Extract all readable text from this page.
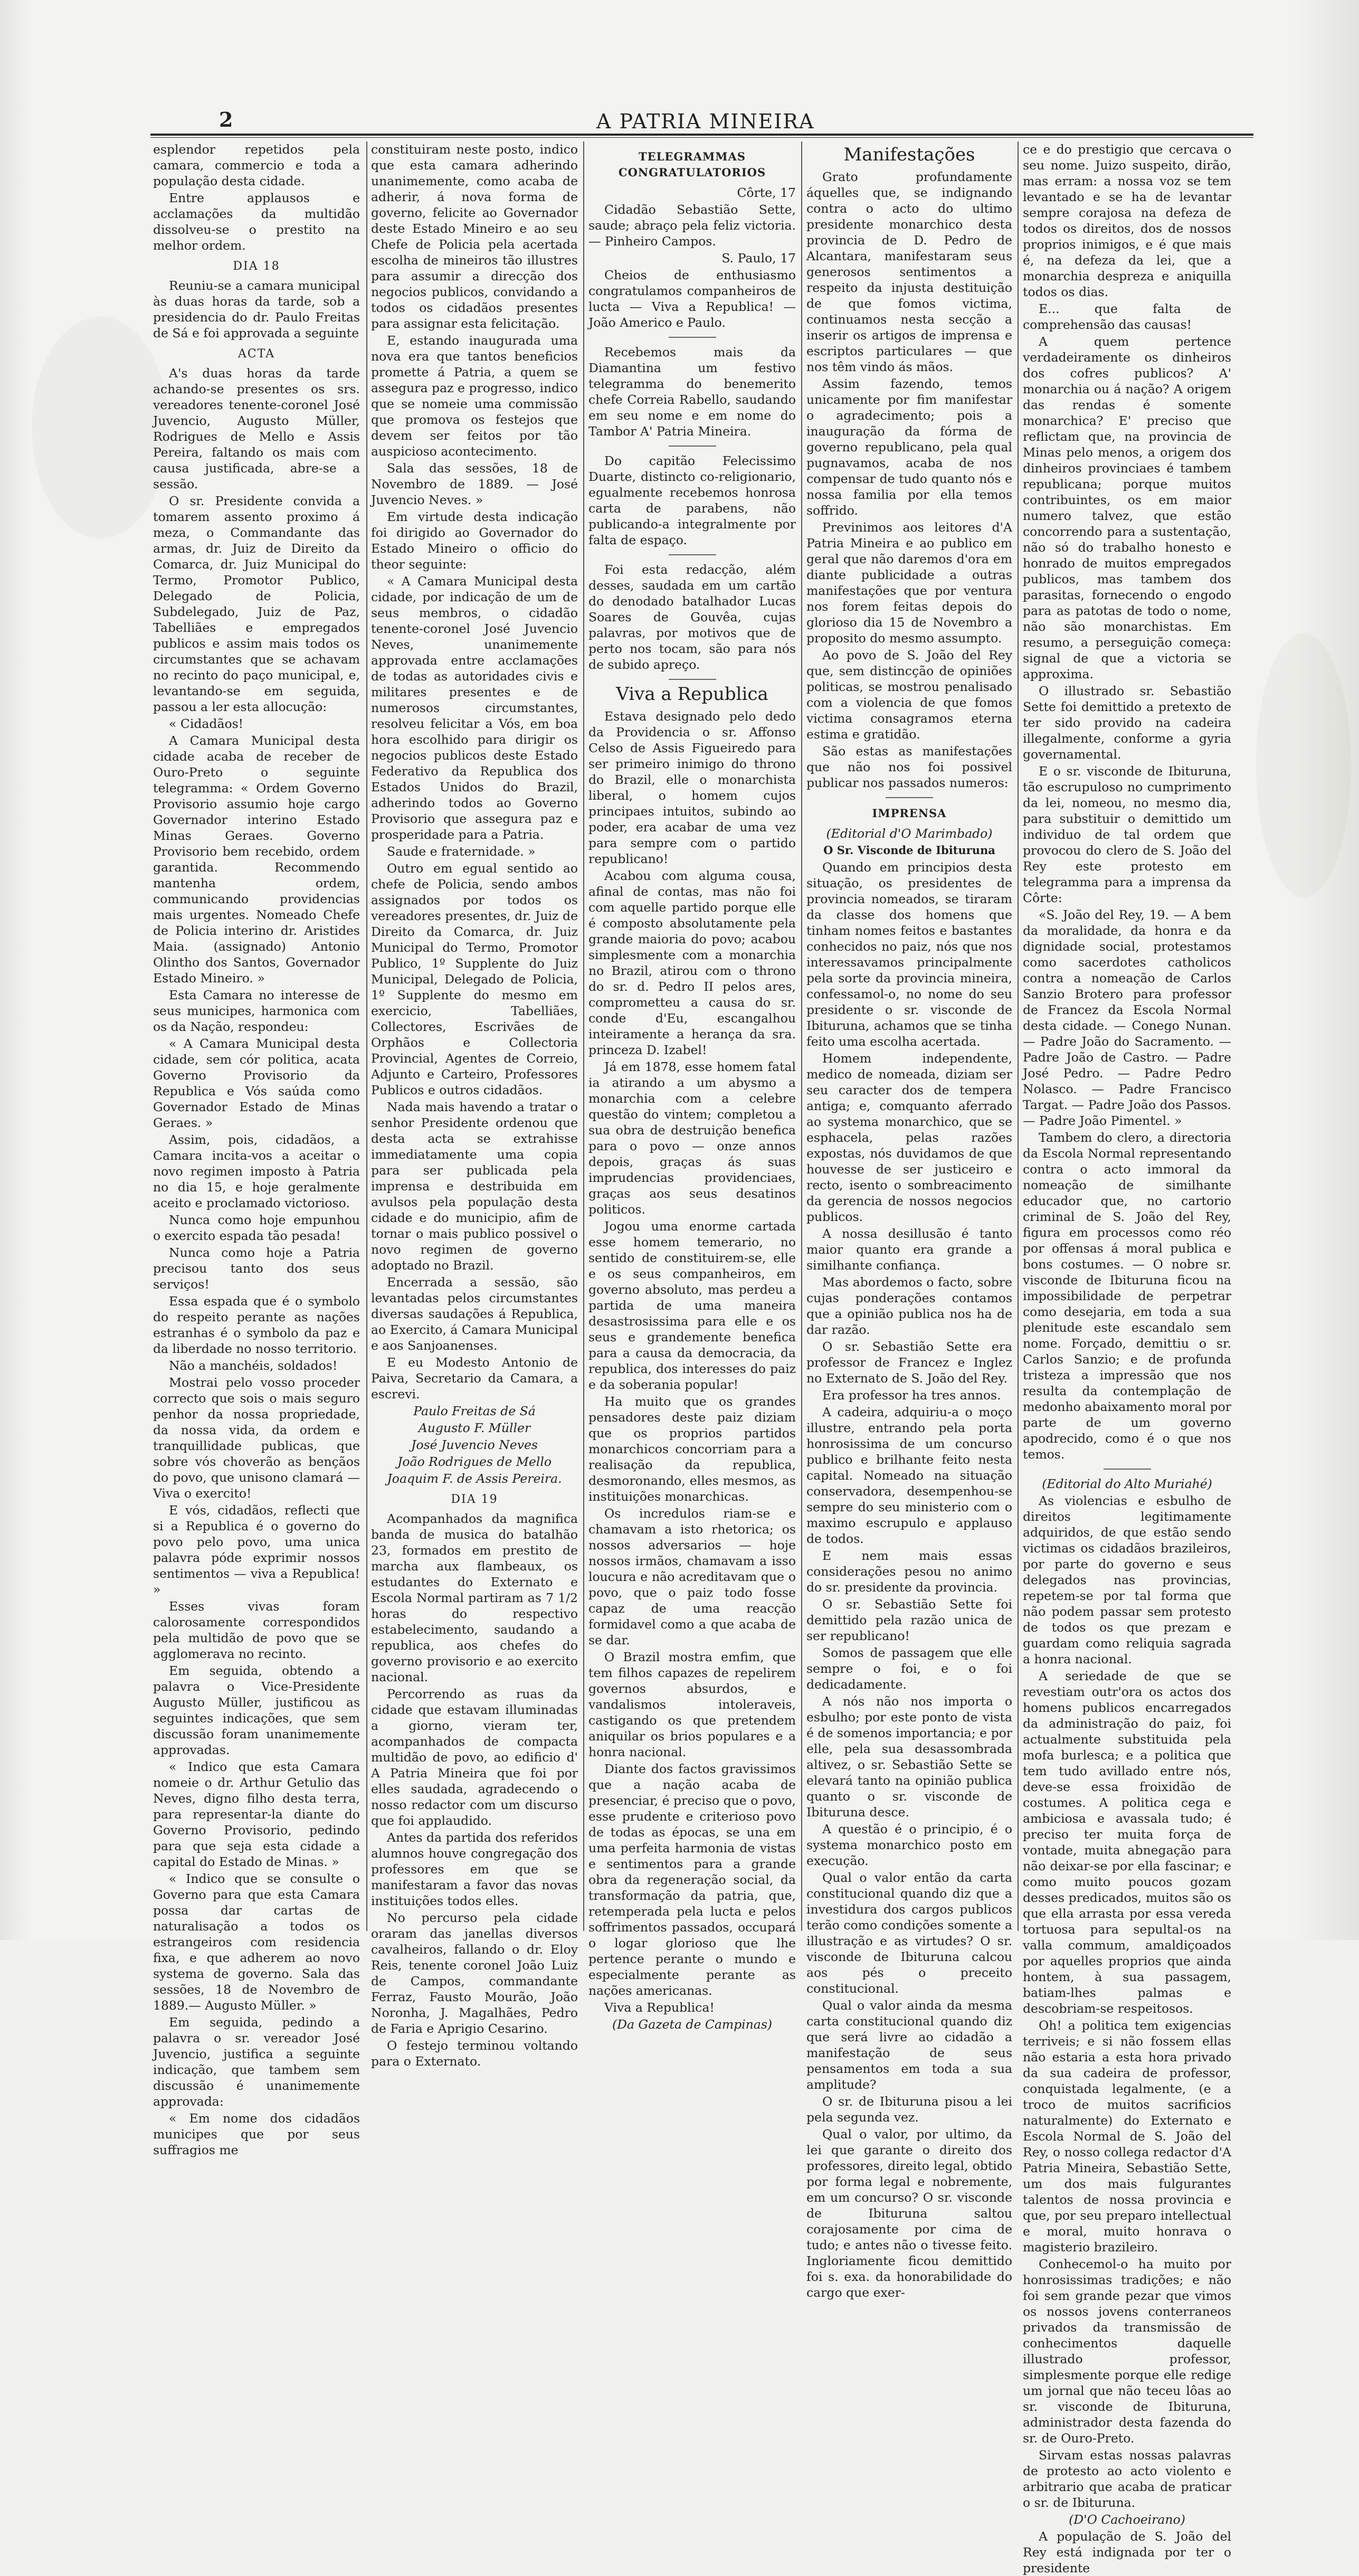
2	A PATRIA MINEIRA

esplendor repetidos pela camara, commercio e toda a população desta cidade.

Entre applausos e acclamações da multidão dissolveu-se o prestito na melhor ordem.

DIA 18

Reuniu-se a camara municipal às duas horas da tarde, sob a presidencia do dr. Paulo Freitas de Sá e foi approvada a seguinte

ACTA

A's duas horas da tarde achando-se presentes os srs. vereadores tenente-coronel José Juvencio, Augusto Müller, Rodrigues de Mello e Assis Pereira, faltando os mais com causa justificada, abre-se a sessão.

O sr. Presidente convida a tomarem assento proximo á meza, o Commandante das armas, dr. Juiz de Direito da Comarca, dr. Juiz Municipal do Termo, Promotor Publico, Delegado de Policia, Subdelegado, Juiz de Paz, Tabelliães e empregados publicos e assim mais todos os circumstantes que se achavam no recinto do paço municipal, e, levantando-se em seguida, passou a ler esta allocução:

« Cidadãos!

A Camara Municipal desta cidade acaba de receber de Ouro-Preto o seguinte telegramma: « Ordem Governo Provisorio assumio hoje cargo Governador interino Estado Minas Geraes. Governo Provisorio bem recebido, ordem garantida. Recommendo mantenha ordem, communicando providencias mais urgentes. Nomeado Chefe de Policia interino dr. Aristides Maia. (assignado) Antonio Olintho dos Santos, Governador Estado Mineiro. »

Esta Camara no interesse de seus municipes, harmonica com os da Nação, respondeu:

« A Camara Municipal desta cidade, sem cór politica, acata Governo Provisorio da Republica e Vós saúda como Governador Estado de Minas Geraes. »

Assim, pois, cidadãos, a Camara incita-vos a aceitar o novo regimen imposto à Patria no dia 15, e hoje geralmente aceito e proclamado victorioso.

Nunca como hoje empunhou o exercito espada tão pesada!

Nunca como hoje a Patria precisou tanto dos seus serviços!

Essa espada que é o symbolo do respeito perante as nações estranhas é o symbolo da paz e da liberdade no nosso territorio.

Não a manchéis, soldados!

Mostrai pelo vosso proceder correcto que sois o mais seguro penhor da nossa propriedade, da nossa vida, da ordem e tranquillidade publicas, que sobre vós choverão as bençãos do povo, que unisono clamará — Viva o exercito!

E vós, cidadãos, reflecti que si a Republica é o governo do povo pelo povo, uma unica palavra póde exprimir nossos sentimentos — viva a Republica! »

Esses vivas foram calorosamente correspondidos pela multidão de povo que se agglomerava no recinto.

Em seguida, obtendo a palavra o Vice-Presidente Augusto Müller, justificou as seguintes indicações, que sem discussão foram unanimemente approvadas.

« Indico que esta Camara nomeie o dr. Arthur Getulio das Neves, digno filho desta terra, para representar-la diante do Governo Provisorio, pedindo para que seja esta cidade a capital do Estado de Minas. »

« Indico que se consulte o Governo para que esta Camara possa dar cartas de naturalisação a todos os estrangeiros com residencia fixa, e que adherem ao novo systema de governo. Sala das sessões, 18 de Novembro de 1889.— Augusto Müller. »

Em seguida, pedindo a palavra o sr. vereador José Juvencio, justifica a seguinte indicação, que tambem sem discussão é unanimemente approvada:

« Em nome dos cidadãos municipes que por seus suffragios me

constituiram neste posto, indico que esta camara adherindo unanimemente, como acaba de adherir, á nova forma de governo, felicite ao Governador deste Estado Mineiro e ao seu Chefe de Policia pela acertada escolha de mineiros tão illustres para assumir a direcção dos negocios publicos, convidando a todos os cidadãos presentes para assignar esta felicitação.

E, estando inaugurada uma nova era que tantos beneficios promette á Patria, a quem se assegura paz e progresso, indico que se nomeie uma commissão que promova os festejos que devem ser feitos por tão auspicioso acontecimento.

Sala das sessões, 18 de Novembro de 1889. — José Juvencio Neves. »

Em virtude desta indicação foi dirigido ao Governador do Estado Mineiro o officio do theor seguinte:

« A Camara Municipal desta cidade, por indicação de um de seus membros, o cidadão tenente-coronel José Juvencio Neves, unanimemente approvada entre acclamações de todas as autoridades civis e militares presentes e de numerosos circumstantes, resolveu felicitar a Vós, em boa hora escolhido para dirigir os negocios publicos deste Estado Federativo da Republica dos Estados Unidos do Brazil, adherindo todos ao Governo Provisorio que assegura paz e prosperidade para a Patria.

Saude e fraternidade. »

Outro em egual sentido ao chefe de Policia, sendo ambos assignados por todos os vereadores presentes, dr. Juiz de Direito da Comarca, dr. Juiz Municipal do Termo, Promotor Publico, 1º Supplente do Juiz Municipal, Delegado de Policia, 1º Supplente do mesmo em exercicio, Tabelliães, Collectores, Escrivães de Orphãos e Collectoria Provincial, Agentes de Correio, Adjunto e Carteiro, Professores Publicos e outros cidadãos.

Nada mais havendo a tratar o senhor Presidente ordenou que desta acta se extrahisse immediatamente uma copia para ser publicada pela imprensa e destribuida em avulsos pela população desta cidade e do municipio, afim de tornar o mais publico possivel o novo regimen de governo adoptado no Brazil.

Encerrada a sessão, são levantadas pelos circumstantes diversas saudações á Republica, ao Exercito, á Camara Municipal e aos Sanjoanenses.

E eu Modesto Antonio de Paiva, Secretario da Camara, a escrevi.

Paulo Freitas de Sá

Augusto F. Müller

José Juvencio Neves

João Rodrigues de Mello

Joaquim F. de Assis Pereira.

DIA 19

Acompanhados da magnifica banda de musica do batalhão 23, formados em prestito de marcha aux flambeaux, os estudantes do Externato e Escola Normal partiram as 7 1/2 horas do respectivo estabelecimento, saudando a republica, aos chefes do governo provisorio e ao exercito nacional.

Percorrendo as ruas da cidade que estavam illuminadas a giorno, vieram ter, acompanhados de compacta multidão de povo, ao edificio d' A Patria Mineira que foi por elles saudada, agradecendo o nosso redactor com um discurso que foi applaudido.

Antes da partida dos referidos alumnos houve congregação dos professores em que se manifestaram a favor das novas instituições todos elles.

No percurso pela cidade oraram das janellas diversos cavalheiros, fallando o dr. Eloy Reis, tenente coronel João Luiz de Campos, commandante Ferraz, Fausto Mourão, João Noronha, J. Magalhães, Pedro de Faria e Aprigio Cesarino.

O festejo terminou voltando para o Externato.

TELEGRAMMAS CONGRATULATORIOS

Côrte, 17

Cidadão Sebastião Sette, saude; abraço pela feliz victoria.— Pinheiro Campos.

S. Paulo, 17

Cheios de enthusiasmo congratulamos companheiros de lucta — Viva a Republica! — João Americo e Paulo.

Recebemos mais da Diamantina um festivo telegramma do benemerito chefe Correia Rabello, saudando em seu nome e em nome do Tambor A' Patria Mineira.

Do capitão Felecissimo Duarte, distincto co-religionario, egualmente recebemos honrosa carta de parabens, não publicando-a integralmente por falta de espaço.

Foi esta redacção, além desses, saudada em um cartão do denodado batalhador Lucas Soares de Gouvêa, cujas palavras, por motivos que de perto nos tocam, são para nós de subido apreço.

Viva a Republica

Estava designado pelo dedo da Providencia o sr. Affonso Celso de Assis Figueiredo para ser primeiro inimigo do throno do Brazil, elle o monarchista liberal, o homem cujos principaes intuitos, subindo ao poder, era acabar de uma vez para sempre com o partido republicano!

Acabou com alguma cousa, afinal de contas, mas não foi com aquelle partido porque elle é composto absolutamente pela grande maioria do povo; acabou simplesmente com a monarchia no Brazil, atirou com o throno do sr. d. Pedro II pelos ares, comprometteu a causa do sr. conde d'Eu, escangalhou inteiramente a herança da sra. princeza D. Izabel!

Já em 1878, esse homem fatal ia atirando a um abysmo a monarchia com a celebre questão do vintem; completou a sua obra de destruição benefica para o povo — onze annos depois, graças ás suas imprudencias providenciaes, graças aos seus desatinos politicos.

Jogou uma enorme cartada esse homem temerario, no sentido de constituirem-se, elle e os seus companheiros, em governo absoluto, mas perdeu a partida de uma maneira desastrosissima para elle e os seus e grandemente benefica para a causa da democracia, da republica, dos interesses do paiz e da soberania popular!

Ha muito que os grandes pensadores deste paiz diziam que os proprios partidos monarchicos concorriam para a realisação da republica, desmoronando, elles mesmos, as instituições monarchicas.

Os incredulos riam-se e chamavam a isto rhetorica; os nossos adversarios — hoje nossos irmãos, chamavam a isso loucura e não acreditavam que o povo, que o paiz todo fosse capaz de uma reacção formidavel como a que acaba de se dar.

O Brazil mostra emfim, que tem filhos capazes de repelirem governos absurdos, e vandalismos intoleraveis, castigando os que pretendem aniquilar os brios populares e a honra nacional.

Diante dos factos gravissimos que a nação acaba de presenciar, é preciso que o povo, esse prudente e criterioso povo de todas as épocas, se una em uma perfeita harmonia de vistas e sentimentos para a grande obra da regeneração social, da transformação da patria, que, retemperada pela lucta e pelos soffrimentos passados, occupará o logar glorioso que lhe pertence perante o mundo e especialmente perante as nações americanas.

Viva a Republica!

(Da Gazeta de Campinas)

Manifestações

Grato profundamente áquelles que, se indignando contra o acto do ultimo presidente monarchico desta provincia de D. Pedro de Alcantara, manifestaram seus generosos sentimentos a respeito da injusta destituição de que fomos victima, continuamos nesta secção a inserir os artigos de imprensa e escriptos particulares — que nos têm vindo ás mãos.

Assim fazendo, temos unicamente por fim manifestar o agradecimento; pois a inauguração da fórma de governo republicano, pela qual pugnavamos, acaba de nos compensar de tudo quanto nós e nossa familia por ella temos soffrido.

Previnimos aos leitores d'A Patria Mineira e ao publico em geral que não daremos d'ora em diante publicidade a outras manifestações que por ventura nos forem feitas depois do glorioso dia 15 de Novembro a proposito do mesmo assumpto.

Ao povo de S. João del Rey que, sem distincção de opiniões politicas, se mostrou penalisado com a violencia de que fomos victima consagramos eterna estima e gratidão.

São estas as manifestações que não nos foi possivel publicar nos passados numeros:

IMPRENSA

(Editorial d'O Marimbado)

O Sr. Visconde de Ibituruna

Quando em principios desta situação, os presidentes de provincia nomeados, se tiraram da classe dos homens que tinham nomes feitos e bastantes conhecidos no paiz, nós que nos interessavamos principalmente pela sorte da provincia mineira, confessamol-o, no nome do seu presidente o sr. visconde de Ibituruna, achamos que se tinha feito uma escolha acertada.

Homem independente, medico de nomeada, diziam ser seu caracter dos de tempera antiga; e, comquanto aferrado ao systema monarchico, que se esphacela, pelas razões expostas, nós duvidamos de que houvesse de ser justiceiro e recto, isento o sombreacimento da gerencia de nossos negocios publicos.

A nossa desillusão é tanto maior quanto era grande a similhante confiança.

Mas abordemos o facto, sobre cujas ponderações contamos que a opinião publica nos ha de dar razão.

O sr. Sebastião Sette era professor de Francez e Inglez no Externato de S. João del Rey.

Era professor ha tres annos.

A cadeira, adquiriu-a o moço illustre, entrando pela porta honrosissima de um concurso publico e brilhante feito nesta capital. Nomeado na situação conservadora, desempenhou-se sempre do seu ministerio com o maximo escrupulo e applauso de todos.

E nem mais essas considerações pesou no animo do sr. presidente da provincia.

O sr. Sebastião Sette foi demittido pela razão unica de ser republicano!

Somos de passagem que elle sempre o foi, e o foi dedicadamente.

A nós não nos importa o esbulho; por este ponto de vista é de somenos importancia; e por elle, pela sua desassombrada altivez, o sr. Sebastião Sette se elevará tanto na opinião publica quanto o sr. visconde de Ibituruna desce.

A questão é o principio, é o systema monarchico posto em execução.

Qual o valor então da carta constitucional quando diz que a investidura dos cargos publicos terão como condições somente a illustração e as virtudes? O sr. visconde de Ibituruna calcou aos pés o preceito constitucional.

Qual o valor ainda da mesma carta constitucional quando diz que será livre ao cidadão a manifestação de seus pensamentos em toda a sua amplitude?

O sr. de Ibituruna pisou a lei pela segunda vez.

Qual o valor, por ultimo, da lei que garante o direito dos professores, direito legal, obtido por forma legal e nobremente, em um concurso? O sr. visconde de Ibituruna saltou corajosamente por cima de tudo; e antes não o tivesse feito. Ingloriamente ficou demittido foi s. exa. da honorabilidade do cargo que exer-

ce e do prestigio que cercava o seu nome. Juizo suspeito, dirão, mas erram: a nossa voz se tem levantado e se ha de levantar sempre corajosa na defeza de todos os direitos, dos de nossos proprios inimigos, e é que mais é, na defeza da lei, que a monarchia despreza e aniquilla todos os dias.

E... que falta de comprehensão das causas!

A quem pertence verdadeiramente os dinheiros dos cofres publicos? A' monarchia ou á nação? A origem das rendas é somente monarchica? E' preciso que reflictam que, na provincia de Minas pelo menos, a origem dos dinheiros provinciaes é tambem republicana; porque muitos contribuintes, os em maior numero talvez, que estão concorrendo para a sustentação, não só do trabalho honesto e honrado de muitos empregados publicos, mas tambem dos parasitas, fornecendo o engodo para as patotas de todo o nome, não são monarchistas. Em resumo, a perseguição começa: signal de que a victoria se approxima.

O illustrado sr. Sebastião Sette foi demittido a pretexto de ter sido provido na cadeira illegalmente, conforme a gyria governamental.

E o sr. visconde de Ibituruna, tão escrupuloso no cumprimento da lei, nomeou, no mesmo dia, para substituir o demittido um individuo de tal ordem que provocou do clero de S. João del Rey este protesto em telegramma para a imprensa da Côrte:

«S. João del Rey, 19. — A bem da moralidade, da honra e da dignidade social, protestamos como sacerdotes catholicos contra a nomeação de Carlos Sanzio Brotero para professor de Francez da Escola Normal desta cidade. — Conego Nunan. — Padre João do Sacramento. — Padre João de Castro. — Padre José Pedro. — Padre Pedro Nolasco. — Padre Francisco Targat. — Padre João dos Passos. — Padre João Pimentel. »

Tambem do clero, a directoria da Escola Normal representando contra o acto immoral da nomeação de similhante educador que, no cartorio criminal de S. João del Rey, figura em processos como réo por offensas á moral publica e bons costumes. — O nobre sr. visconde de Ibituruna ficou na impossibilidade de perpetrar como desejaria, em toda a sua plenitude este escandalo sem nome. Forçado, demittiu o sr. Carlos Sanzio; e de profunda tristeza a impressão que nos resulta da contemplação de medonho abaixamento moral por parte de um governo apodrecido, como é o que nos temos.

(Editorial do Alto Muriahé)

As violencias e esbulho de direitos legitimamente adquiridos, de que estão sendo victimas os cidadãos brazileiros, por parte do governo e seus delegados nas provincias, repetem-se por tal forma que não podem passar sem protesto de todos os que prezam e guardam como reliquia sagrada a honra nacional.

A seriedade de que se revestiam outr'ora os actos dos homens publicos encarregados da administração do paiz, foi actualmente substituida pela mofa burlesca; e a politica que tem tudo avillado entre nós, deve-se essa froixidão de costumes. A politica cega e ambiciosa e avassala tudo; é preciso ter muita força de vontade, muita abnegação para não deixar-se por ella fascinar; e como muito poucos gozam desses predicados, muitos são os que ella arrasta por essa vereda tortuosa para sepultal-os na valla commum, amaldiçoados por aquelles proprios que ainda hontem, à sua passagem, batiam-lhes palmas e descobriam-se respeitosos.

Oh! a politica tem exigencias terriveis; e si não fossem ellas não estaria a esta hora privado da sua cadeira de professor, conquistada legalmente, (e a troco de muitos sacrificios naturalmente) do Externato e Escola Normal de S. João del Rey, o nosso collega redactor d'A Patria Mineira, Sebastião Sette, um dos mais fulgurantes talentos de nossa provincia e que, por seu preparo intellectual e moral, muito honrava o magisterio brazileiro.

Conhecemol-o ha muito por honrosissimas tradições; e não foi sem grande pezar que vimos os nossos jovens conterraneos privados da transmissão de conhecimentos daquelle illustrado professor, simplesmente porque elle redige um jornal que não teceu lôas ao sr. visconde de Ibituruna, administrador desta fazenda do sr. de Ouro-Preto.

Sirvam estas nossas palavras de protesto ao acto violento e arbitrario que acaba de praticar o sr. de Ibituruna.

(D'O Cachoeirano)

A população de S. João del Rey está indignada por ter o presidente
